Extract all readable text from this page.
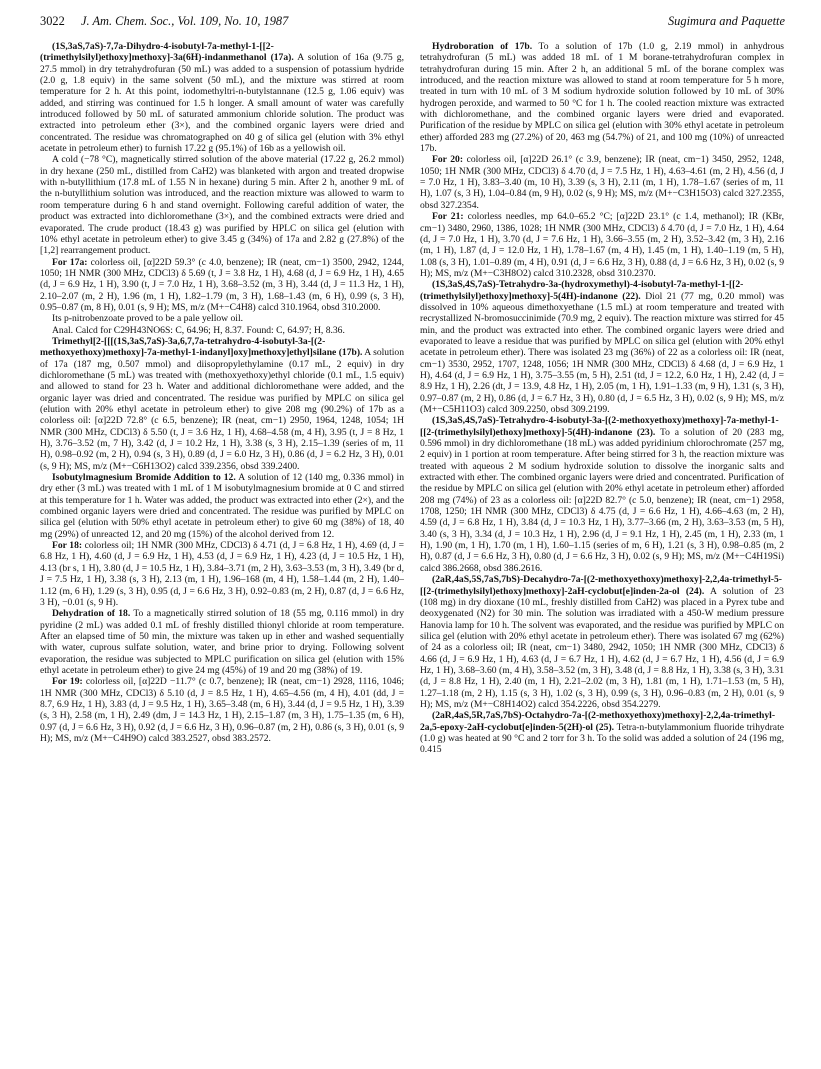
3022 J. Am. Chem. Soc., Vol. 109, No. 10, 1987	Sugimura and Paquette

(1S,3aS,7aS)-7,7a-Dihydro-4-isobutyl-7a-methyl-1-[[2-(trimethylsilyl)ethoxy]methoxy]-3a(6H)-indanmethanol (17a). A solution of 16a (9.75 g, 27.5 mmol) in dry tetrahydrofuran (50 mL) was added to a suspension of potassium hydride (2.0 g, 1.8 equiv) in the same solvent (50 mL), and the mixture was stirred at room temperature for 2 h. At this point, iodomethyltri-n-butylstannane (12.5 g, 1.06 equiv) was added, and stirring was continued for 1.5 h longer. A small amount of water was carefully introduced followed by 50 mL of saturated ammonium chloride solution. The product was extracted into petroleum ether (3×), and the combined organic layers were dried and concentrated. The residue was chromatographed on 40 g of silica gel (elution with 3% ethyl acetate in petroleum ether) to furnish 17.22 g (95.1%) of 16b as a yellowish oil.

A cold (−78 °C), magnetically stirred solution of the above material (17.22 g, 26.2 mmol) in dry hexane (250 mL, distilled from CaH2) was blanketed with argon and treated dropwise with n-butyllithium (17.8 mL of 1.55 N in hexane) during 5 min. After 2 h, another 9 mL of the n-butyllithium solution was introduced, and the reaction mixture was allowed to warm to room temperature during 6 h and stand overnight. Following careful addition of water, the product was extracted into dichloromethane (3×), and the combined extracts were dried and evaporated. The crude product (18.43 g) was purified by HPLC on silica gel (elution with 10% ethyl acetate in petroleum ether) to give 3.45 g (34%) of 17a and 2.82 g (27.8%) of the [1,2] rearrangement product.

For 17a: colorless oil, [α]22D 59.3° (c 4.0, benzene); IR (neat, cm−1) 3500, 2942, 1244, 1050; 1H NMR (300 MHz, CDCl3) δ 5.69 (t, J = 3.8 Hz, 1 H), 4.68 (d, J = 6.9 Hz, 1 H), 4.65 (d, J = 6.9 Hz, 1 H), 3.90 (t, J = 7.0 Hz, 1 H), 3.68–3.52 (m, 3 H), 3.44 (d, J = 11.3 Hz, 1 H), 2.10–2.07 (m, 2 H), 1.96 (m, 1 H), 1.82–1.79 (m, 3 H), 1.68–1.43 (m, 6 H), 0.99 (s, 3 H), 0.95–0.87 (m, 8 H), 0.01 (s, 9 H); MS, m/z (M+−C4H8) calcd 310.1964, obsd 310.2000.

Its p-nitrobenzoate proved to be a pale yellow oil.

Anal. Calcd for C29H43NO6S: C, 64.96; H, 8.37. Found: C, 64.97; H, 8.36.

Trimethyl[2-[[[(1S,3aS,7aS)-3a,6,7,7a-tetrahydro-4-isobutyl-3a-[(2-methoxyethoxy)methoxy]-7a-methyl-1-indanyl]oxy]methoxy]ethyl]silane (17b). A solution of 17a (187 mg, 0.507 mmol) and diisopropylethylamine (0.17 mL, 2 equiv) in dry dichloromethane (5 mL) was treated with (methoxyethoxy)ethyl chloride (0.1 mL, 1.5 equiv) and allowed to stand for 23 h. Water and additional dichloromethane were added, and the organic layer was dried and concentrated. The residue was purified by MPLC on silica gel (elution with 20% ethyl acetate in petroleum ether) to give 208 mg (90.2%) of 17b as a colorless oil: [α]22D 72.8° (c 6.5, benzene); IR (neat, cm−1) 2950, 1964, 1248, 1054; 1H NMR (300 MHz, CDCl3) δ 5.50 (t, J = 3.6 Hz, 1 H), 4.68–4.58 (m, 4 H), 3.95 (t, J = 8 Hz, 1 H), 3.76–3.52 (m, 7 H), 3.42 (d, J = 10.2 Hz, 1 H), 3.38 (s, 3 H), 2.15–1.39 (series of m, 11 H), 0.98–0.92 (m, 2 H), 0.94 (s, 3 H), 0.89 (d, J = 6.0 Hz, 3 H), 0.86 (d, J = 6.2 Hz, 3 H), 0.01 (s, 9 H); MS, m/z (M+−C6H13O2) calcd 339.2356, obsd 339.2400.

Isobutylmagnesium Bromide Addition to 12. A solution of 12 (140 mg, 0.336 mmol) in dry ether (3 mL) was treated with 1 mL of 1 M isobutylmagnesium bromide at 0 C and stirred at this temperature for 1 h. Water was added, the product was extracted into ether (2×), and the combined organic layers were dried and concentrated. The residue was purified by MPLC on silica gel (elution with 50% ethyl acetate in petroleum ether) to give 60 mg (38%) of 18, 40 mg (29%) of unreacted 12, and 20 mg (15%) of the alcohol derived from 12.

For 18: colorless oil; 1H NMR (300 MHz, CDCl3) δ 4.71 (d, J = 6.8 Hz, 1 H), 4.69 (d, J = 6.8 Hz, 1 H), 4.60 (d, J = 6.9 Hz, 1 H), 4.53 (d, J = 6.9 Hz, 1 H), 4.23 (d, J = 10.5 Hz, 1 H), 4.13 (br s, 1 H), 3.80 (d, J = 10.5 Hz, 1 H), 3.84–3.71 (m, 2 H), 3.63–3.53 (m, 3 H), 3.49 (br d, J = 7.5 Hz, 1 H), 3.38 (s, 3 H), 2.13 (m, 1 H), 1.96–168 (m, 4 H), 1.58–1.44 (m, 2 H), 1.40–1.12 (m, 6 H), 1.29 (s, 3 H), 0.95 (d, J = 6.6 Hz, 3 H), 0.92–0.83 (m, 2 H), 0.87 (d, J = 6.6 Hz, 3 H), −0.01 (s, 9 H).

Dehydration of 18. To a magnetically stirred solution of 18 (55 mg, 0.116 mmol) in dry pyridine (2 mL) was added 0.1 mL of freshly distilled thionyl chloride at room temperature. After an elapsed time of 50 min, the mixture was taken up in ether and washed sequentially with water, cuprous sulfate solution, water, and brine prior to drying. Following solvent evaporation, the residue was subjected to MPLC purification on silica gel (elution with 15% ethyl acetate in petroleum ether) to give 24 mg (45%) of 19 and 20 mg (38%) of 19.

For 19: colorless oil, [α]22D −11.7° (c 0.7, benzene); IR (neat, cm−1) 2928, 1116, 1046; 1H NMR (300 MHz, CDCl3) δ 5.10 (d, J = 8.5 Hz, 1 H), 4.65–4.56 (m, 4 H), 4.01 (dd, J = 8.7, 6.9 Hz, 1 H), 3.83 (d, J = 9.5 Hz, 1 H), 3.65–3.48 (m, 6 H), 3.44 (d, J = 9.5 Hz, 1 H), 3.39 (s, 3 H), 2.58 (m, 1 H), 2.49 (dm, J = 14.3 Hz, 1 H), 2.15–1.87 (m, 3 H), 1.75–1.35 (m, 6 H), 0.97 (d, J = 6.6 Hz, 3 H), 0.92 (d, J = 6.6 Hz, 3 H), 0.96–0.87 (m, 2 H), 0.86 (s, 3 H), 0.01 (s, 9 H); MS, m/z (M+−C4H9O) calcd 383.2527, obsd 383.2572.

Hydroboration of 17b. To a solution of 17b (1.0 g, 2.19 mmol) in anhydrous tetrahydrofuran (5 mL) was added 18 mL of 1 M borane-tetrahydrofuran complex in tetrahydrofuran during 15 min. After 2 h, an additional 5 mL of the borane complex was introduced, and the reaction mixture was allowed to stand at room temperature for 5 h more, treated in turn with 10 mL of 3 M sodium hydroxide solution followed by 10 mL of 30% hydrogen peroxide, and warmed to 50 °C for 1 h. The cooled reaction mixture was extracted with dichloromethane, and the combined organic layers were dried and evaporated. Purification of the residue by MPLC on silica gel (elution with 30% ethyl acetate in petroleum ether) afforded 283 mg (27.2%) of 20, 463 mg (54.7%) of 21, and 100 mg (10%) of unreacted 17b.

For 20: colorless oil, [α]22D 26.1° (c 3.9, benzene); IR (neat, cm−1) 3450, 2952, 1248, 1050; 1H NMR (300 MHz, CDCl3) δ 4.70 (d, J = 7.5 Hz, 1 H), 4.63–4.61 (m, 2 H), 4.56 (d, J = 7.0 Hz, 1 H), 3.83–3.40 (m, 10 H), 3.39 (s, 3 H), 2.11 (m, 1 H), 1.78–1.67 (series of m, 11 H), 1.07 (s, 3 H), 1.04–0.84 (m, 9 H), 0.02 (s, 9 H); MS, m/z (M+−C3H15O3) calcd 327.2355, obsd 327.2354.

For 21: colorless needles, mp 64.0–65.2 °C; [α]22D 23.1° (c 1.4, methanol); IR (KBr, cm−1) 3480, 2960, 1386, 1028; 1H NMR (300 MHz, CDCl3) δ 4.70 (d, J = 7.0 Hz, 1 H), 4.64 (d, J = 7.0 Hz, 1 H), 3.70 (d, J = 7.6 Hz, 1 H), 3.66–3.55 (m, 2 H), 3.52–3.42 (m, 3 H), 2.16 (m, 1 H), 1.87 (d, J = 12.0 Hz, 1 H), 1.78–1.67 (m, 4 H), 1.45 (m, 1 H), 1.40–1.19 (m, 5 H), 1.08 (s, 3 H), 1.01–0.89 (m, 4 H), 0.91 (d, J = 6.6 Hz, 3 H), 0.88 (d, J = 6.6 Hz, 3 H), 0.02 (s, 9 H); MS, m/z (M+−C3H8O2) calcd 310.2328, obsd 310.2370.

(1S,3aS,4S,7aS)-Tetrahydro-3a-(hydroxymethyl)-4-isobutyl-7a-methyl-1-[[2-(trimethylsilyl)ethoxy]methoxy]-5(4H)-indanone (22). Diol 21 (77 mg, 0.20 mmol) was dissolved in 10% aqueous dimethoxyethane (1.5 mL) at room temperature and treated with recrystallized N-bromosuccinimide (70.9 mg, 2 equiv). The reaction mixture was stirred for 45 min, and the product was extracted into ether. The combined organic layers were dried and evaporated to leave a residue that was purified by MPLC on silica gel (elution with 20% ethyl acetate in petroleum ether). There was isolated 23 mg (36%) of 22 as a colorless oil: IR (neat, cm−1) 3530, 2952, 1707, 1248, 1056; 1H NMR (300 MHz, CDCl3) δ 4.68 (d, J = 6.9 Hz, 1 H), 4.64 (d, J = 6.9 Hz, 1 H), 3.75–3.55 (m, 5 H), 2.51 (td, J = 12.2, 6.0 Hz, 1 H), 2.42 (d, J = 8.9 Hz, 1 H), 2.26 (dt, J = 13.9, 4.8 Hz, 1 H), 2.05 (m, 1 H), 1.91–1.33 (m, 9 H), 1.31 (s, 3 H), 0.97–0.87 (m, 2 H), 0.86 (d, J = 6.7 Hz, 3 H), 0.80 (d, J = 6.5 Hz, 3 H), 0.02 (s, 9 H); MS, m/z (M+−C5H11O3) calcd 309.2250, obsd 309.2199.

(1S,3aS,4S,7aS)-Tetrahydro-4-isobutyl-3a-[(2-methoxyethoxy)methoxy]-7a-methyl-1-[[2-(trimethylsilyl)ethoxy]methoxy]-5(4H)-indanone (23). To a solution of 20 (283 mg, 0.596 mmol) in dry dichloromethane (18 mL) was added pyridinium chlorochromate (257 mg, 2 equiv) in 1 portion at room temperature. After being stirred for 3 h, the reaction mixture was treated with aqueous 2 M sodium hydroxide solution to dissolve the inorganic salts and extracted with ether. The combined organic layers were dried and concentrated. Purification of the residue by MPLC on silica gel (elution with 20% ethyl acetate in petroleum ether) afforded 208 mg (74%) of 23 as a colorless oil: [α]22D 82.7° (c 5.0, benzene); IR (neat, cm−1) 2958, 1708, 1250; 1H NMR (300 MHz, CDCl3) δ 4.75 (d, J = 6.6 Hz, 1 H), 4.66–4.63 (m, 2 H), 4.59 (d, J = 6.8 Hz, 1 H), 3.84 (d, J = 10.3 Hz, 1 H), 3.77–3.66 (m, 2 H), 3.63–3.53 (m, 5 H), 3.40 (s, 3 H), 3.34 (d, J = 10.3 Hz, 1 H), 2.96 (d, J = 9.1 Hz, 1 H), 2.45 (m, 1 H), 2.33 (m, 1 H), 1.90 (m, 1 H), 1.70 (m, 1 H), 1.60–1.15 (series of m, 6 H), 1.21 (s, 3 H), 0.98–0.85 (m, 2 H), 0.87 (d, J = 6.6 Hz, 3 H), 0.80 (d, J = 6.6 Hz, 3 H), 0.02 (s, 9 H); MS, m/z (M+−C4H19Si) calcd 386.2668, obsd 386.2616.

(2aR,4aS,5S,7aS,7bS)-Decahydro-7a-[(2-methoxyethoxy)methoxy]-2,2,4a-trimethyl-5-[[2-(trimethylsilyl)ethoxy]methoxy]-2aH-cyclobut[e]inden-2a-ol (24). A solution of 23 (108 mg) in dry dioxane (10 mL, freshly distilled from CaH2) was placed in a Pyrex tube and deoxygenated (N2) for 30 min. The solution was irradiated with a 450-W medium pressure Hanovia lamp for 10 h. The solvent was evaporated, and the residue was purified by MPLC on silica gel (elution with 20% ethyl acetate in petroleum ether). There was isolated 67 mg (62%) of 24 as a colorless oil; IR (neat, cm−1) 3480, 2942, 1050; 1H NMR (300 MHz, CDCl3) δ 4.66 (d, J = 6.9 Hz, 1 H), 4.63 (d, J = 6.7 Hz, 1 H), 4.62 (d, J = 6.7 Hz, 1 H), 4.56 (d, J = 6.9 Hz, 1 H), 3.68–3.60 (m, 4 H), 3.58–3.52 (m, 3 H), 3.48 (d, J = 8.8 Hz, 1 H), 3.38 (s, 3 H), 3.31 (d, J = 8.8 Hz, 1 H), 2.40 (m, 1 H), 2.21–2.02 (m, 3 H), 1.81 (m, 1 H), 1.71–1.53 (m, 5 H), 1.27–1.18 (m, 2 H), 1.15 (s, 3 H), 1.02 (s, 3 H), 0.99 (s, 3 H), 0.96–0.83 (m, 2 H), 0.01 (s, 9 H); MS, m/z (M+−C8H14O2) calcd 354.2226, obsd 354.2279.

(2aR,4aS,5R,7aS,7bS)-Octahydro-7a-[(2-methoxyethoxy)methoxy]-2,2,4a-trimethyl-2a,5-epoxy-2aH-cyclobut[e]inden-5(2H)-ol (25). Tetra-n-butylammonium fluoride trihydrate (1.0 g) was heated at 90 °C and 2 torr for 3 h. To the solid was added a solution of 24 (196 mg, 0.415
